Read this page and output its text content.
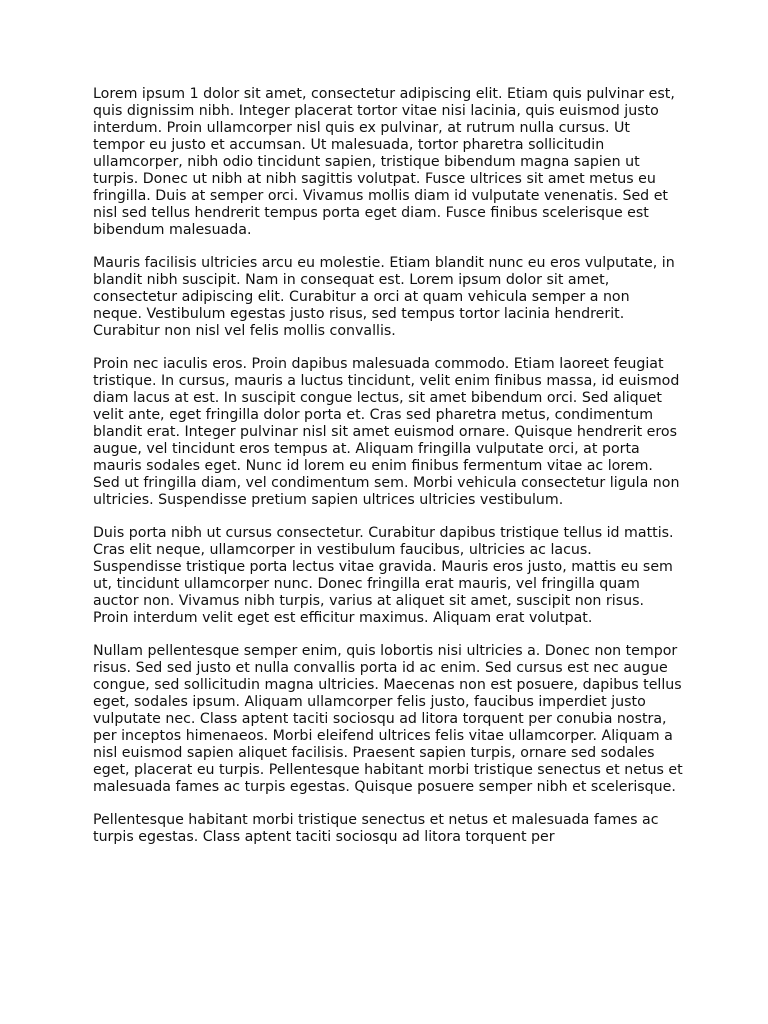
Lorem ipsum 1 dolor sit amet, consectetur adipiscing elit. Etiam quis pulvinar est, quis dignissim nibh. Integer placerat tortor vitae nisi lacinia, quis euismod justo interdum. Proin ullamcorper nisl quis ex pulvinar, at rutrum nulla cursus. Ut tempor eu justo et accumsan. Ut malesuada, tortor pharetra sollicitudin ullamcorper, nibh odio tincidunt sapien, tristique bibendum magna sapien ut turpis. Donec ut nibh at nibh sagittis volutpat. Fusce ultrices sit amet metus eu fringilla. Duis at semper orci. Vivamus mollis diam id vulputate venenatis. Sed et nisl sed tellus hendrerit tempus porta eget diam. Fusce finibus scelerisque est bibendum malesuada.

Mauris facilisis ultricies arcu eu molestie. Etiam blandit nunc eu eros vulputate, in blandit nibh suscipit. Nam in consequat est. Lorem ipsum dolor sit amet, consectetur adipiscing elit. Curabitur a orci at quam vehicula semper a non neque. Vestibulum egestas justo risus, sed tempus tortor lacinia hendrerit. Curabitur non nisl vel felis mollis convallis.

Proin nec iaculis eros. Proin dapibus malesuada commodo. Etiam laoreet feugiat tristique. In cursus, mauris a luctus tincidunt, velit enim finibus massa, id euismod diam lacus at est. In suscipit congue lectus, sit amet bibendum orci. Sed aliquet velit ante, eget fringilla dolor porta et. Cras sed pharetra metus, condimentum blandit erat. Integer pulvinar nisl sit amet euismod ornare. Quisque hendrerit eros augue, vel tincidunt eros tempus at. Aliquam fringilla vulputate orci, at porta mauris sodales eget. Nunc id lorem eu enim finibus fermentum vitae ac lorem. Sed ut fringilla diam, vel condimentum sem. Morbi vehicula consectetur ligula non ultricies. Suspendisse pretium sapien ultrices ultricies vestibulum.

Duis porta nibh ut cursus consectetur. Curabitur dapibus tristique tellus id mattis. Cras elit neque, ullamcorper in vestibulum faucibus, ultricies ac lacus. Suspendisse tristique porta lectus vitae gravida. Mauris eros justo, mattis eu sem ut, tincidunt ullamcorper nunc. Donec fringilla erat mauris, vel fringilla quam auctor non. Vivamus nibh turpis, varius at aliquet sit amet, suscipit non risus. Proin interdum velit eget est efficitur maximus. Aliquam erat volutpat.

Nullam pellentesque semper enim, quis lobortis nisi ultricies a. Donec non tempor risus. Sed sed justo et nulla convallis porta id ac enim. Sed cursus est nec augue congue, sed sollicitudin magna ultricies. Maecenas non est posuere, dapibus tellus eget, sodales ipsum. Aliquam ullamcorper felis justo, faucibus imperdiet justo vulputate nec. Class aptent taciti sociosqu ad litora torquent per conubia nostra, per inceptos himenaeos. Morbi eleifend ultrices felis vitae ullamcorper. Aliquam a nisl euismod sapien aliquet facilisis. Praesent sapien turpis, ornare sed sodales eget, placerat eu turpis. Pellentesque habitant morbi tristique senectus et netus et malesuada fames ac turpis egestas. Quisque posuere semper nibh et scelerisque.

Pellentesque habitant morbi tristique senectus et netus et malesuada fames ac turpis egestas. Class aptent taciti sociosqu ad litora torquent per
